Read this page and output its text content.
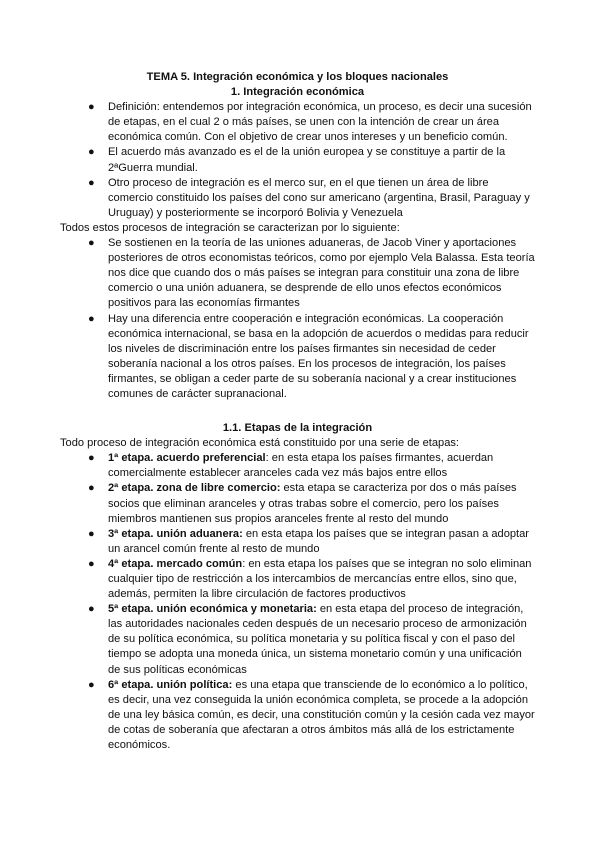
TEMA 5. Integración económica y los bloques nacionales

1. Integración económica

● Definición: entendemos por integración económica, un proceso, es decir una sucesión de etapas, en el cual 2 o más países, se unen con la intención de crear un área económica común. Con el objetivo de crear unos intereses y un beneficio común.
● El acuerdo más avanzado es el de la unión europea y se constituye a partir de la 2ªGuerra mundial.
● Otro proceso de integración es el merco sur, en el que tienen un área de libre comercio constituido los países del cono sur americano (argentina, Brasil, Paraguay y Uruguay) y posteriormente se incorporó Bolivia y Venezuela

Todos estos procesos de integración se caracterizan por lo siguiente:

● Se sostienen en la teoría de las uniones aduaneras, de Jacob Viner y aportaciones posteriores de otros economistas teóricos, como por ejemplo Vela Balassa. Esta teoría nos dice que cuando dos o más países se integran para constituir una zona de libre comercio o una unión aduanera, se desprende de ello unos efectos económicos positivos para las economías firmantes
● Hay una diferencia entre cooperación e integración económicas. La cooperación económica internacional, se basa en la adopción de acuerdos o medidas para reducir los niveles de discriminación entre los países firmantes sin necesidad de ceder soberanía nacional a los otros países. En los procesos de integración, los países firmantes, se obligan a ceder parte de su soberanía nacional y a crear instituciones comunes de carácter supranacional.

1.1. Etapas de la integración

Todo proceso de integración económica está constituido por una serie de etapas:

● 1ª etapa. acuerdo preferencial: en esta etapa los países firmantes, acuerdan comercialmente establecer aranceles cada vez más bajos entre ellos
● 2ª etapa. zona de libre comercio: esta etapa se caracteriza por dos o más países socios que eliminan aranceles y otras trabas sobre el comercio, pero los países miembros mantienen sus propios aranceles frente al resto del mundo
● 3ª etapa. unión aduanera: en esta etapa los países que se integran pasan a adoptar un arancel común frente al resto de mundo
● 4ª etapa. mercado común: en esta etapa los países que se integran no solo eliminan cualquier tipo de restricción a los intercambios de mercancías entre ellos, sino que, además, permiten la libre circulación de factores productivos
● 5ª etapa. unión económica y monetaria: en esta etapa del proceso de integración, las autoridades nacionales ceden después de un necesario proceso de armonización de su política económica, su política monetaria y su política fiscal y con el paso del tiempo se adopta una moneda única, un sistema monetario común y una unificación de sus políticas económicas
● 6ª etapa. unión política: es una etapa que transciende de lo económico a lo político, es decir, una vez conseguida la unión económica completa, se procede a la adopción de una ley básica común, es decir, una constitución común y la cesión cada vez mayor de cotas de soberanía que afectaran a otros ámbitos más allá de los estrictamente económicos.
